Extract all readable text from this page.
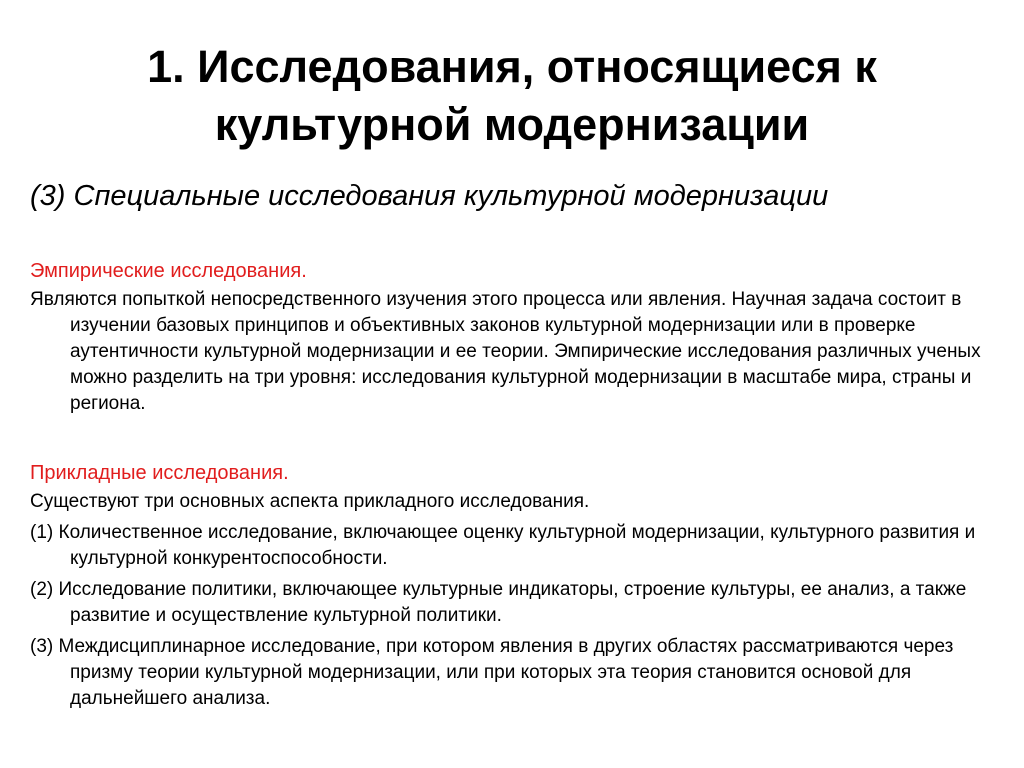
1. Исследования, относящиеся к
культурной модернизации
(3) Специальные исследования культурной модернизации
Эмпирические исследования.
Являются попыткой непосредственного изучения этого процесса или явления. Научная задача состоит в изучении базовых принципов и объективных законов культурной модернизации или в проверке аутентичности культурной модернизации и ее теории. Эмпирические исследования различных ученых можно разделить на три уровня: исследования культурной модернизации в масштабе мира, страны и региона.
Прикладные исследования.
Существуют три основных аспекта прикладного исследования.
(1) Количественное исследование, включающее оценку культурной модернизации, культурного развития и культурной конкурентоспособности.
(2) Исследование политики, включающее культурные индикаторы, строение культуры, ее анализ, а также развитие и осуществление культурной политики.
(3) Междисциплинарное исследование, при котором явления в других областях рассматриваются через призму теории культурной модернизации, или при которых эта теория становится основой для дальнейшего анализа.
